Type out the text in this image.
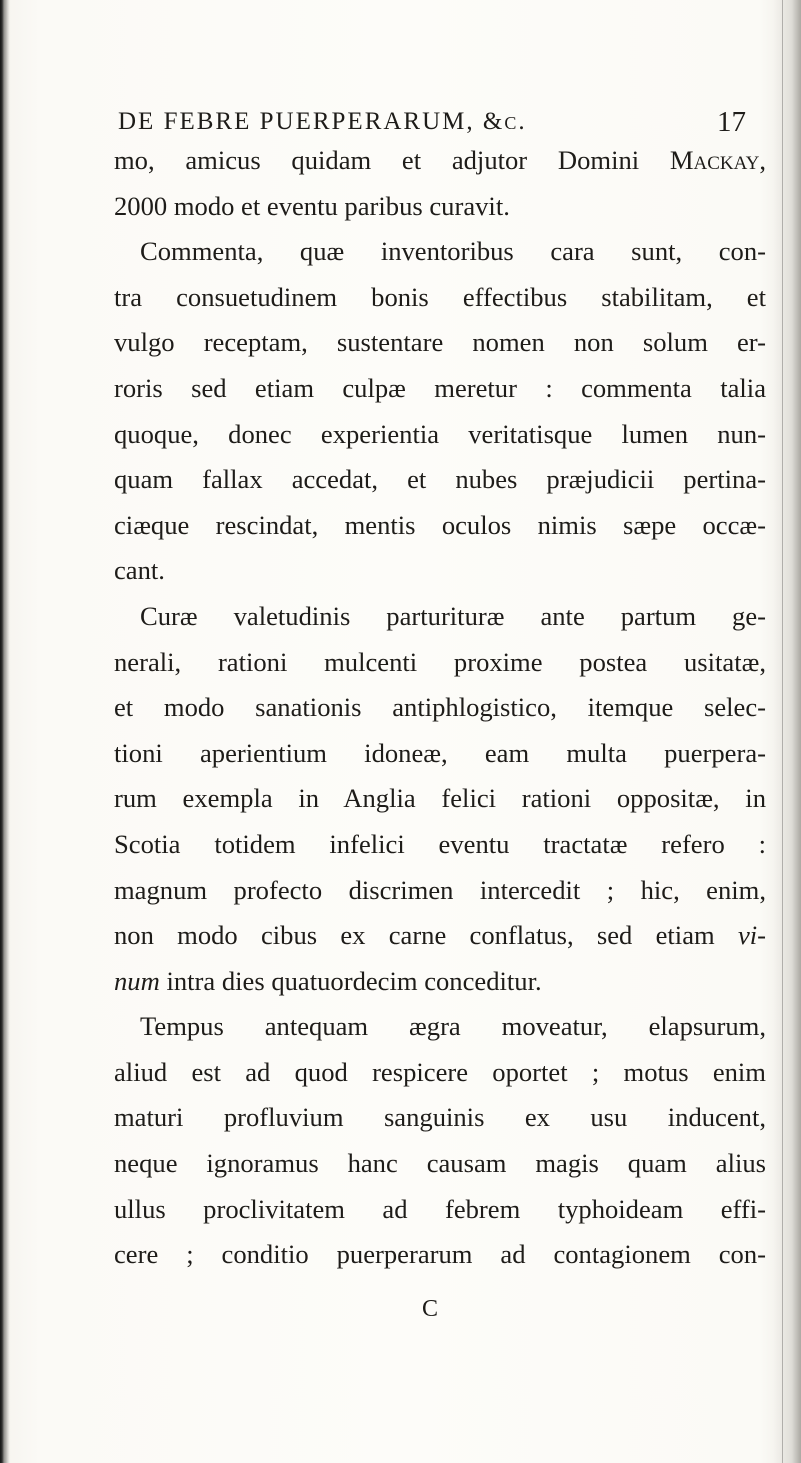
DE FEBRE PUERPERARUM, &c.	17
mo, amicus quidam et adjutor Domini Mackay,
2000 modo et eventu paribus curavit.
Commenta, quæ inventoribus cara sunt, con-
tra consuetudinem bonis effectibus stabilitam, et
vulgo receptam, sustentare nomen non solum er-
roris sed etiam culpæ meretur : commenta talia
quoque, donec experientia veritatisque lumen nun-
quam fallax accedat, et nubes præjudicii pertina-
ciæque rescindat, mentis oculos nimis sæpe occæ-
cant.
Curæ valetudinis parturituræ ante partum ge-
nerali, rationi mulcenti proxime postea usitatæ,
et modo sanationis antiphlogistico, itemque selec-
tioni aperientium idoneæ, eam multa puerpera-
rum exempla in Anglia felici rationi oppositæ, in
Scotia totidem infelici eventu tractatæ refero :
magnum profecto discrimen intercedit ; hic, enim,
non modo cibus ex carne conflatus, sed etiam vi-
num intra dies quatuordecim conceditur.
Tempus antequam ægra moveatur, elapsurum,
aliud est ad quod respicere oportet ; motus enim
maturi profluvium sanguinis ex usu inducent,
neque ignoramus hanc causam magis quam alius
ullus proclivitatem ad febrem typhoideam effi-
cere ; conditio puerperarum ad contagionem con-
C
